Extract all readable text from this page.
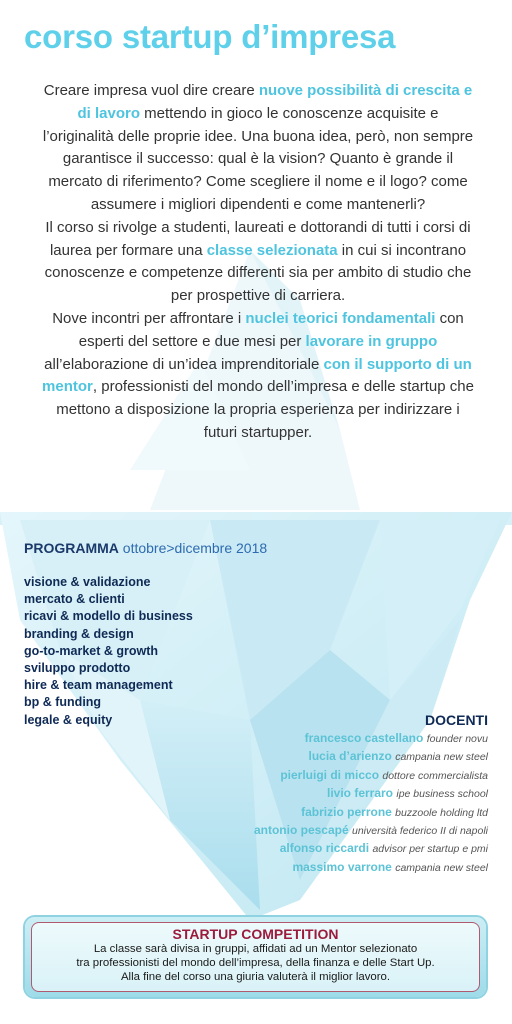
corso startup d’impresa
Creare impresa vuol dire creare nuove possibilità di crescita e di lavoro mettendo in gioco le conoscenze acquisite e l’originalità delle proprie idee. Una buona idea, però, non sempre garantisce il successo: qual è la vision? Quanto è grande il mercato di riferimento? Come scegliere il nome e il logo? come assumere i migliori dipendenti e come mantenerli?
Il corso si rivolge a studenti, laureati e dottorandi di tutti i corsi di laurea per formare una classe selezionata in cui si incontrano conoscenze e competenze differenti sia per ambito di studio che per prospettive di carriera.
Nove incontri per affrontare i nuclei teorici fondamentali con esperti del settore e due mesi per lavorare in gruppo all’elaborazione di un’idea imprenditoriale con il supporto di un mentor, professionisti del mondo dell’impresa e delle startup che mettono a disposizione la propria esperienza per indirizzare i futuri startupper.
PROGRAMMA ottobre>dicembre 2018
visione & validazione
mercato & clienti
ricavi & modello di business
branding & design
go-to-market & growth
sviluppo prodotto
hire & team management
bp & funding
legale & equity	DOCENTI
francesco castellano founder novu
lucia d’arienzo campania new steel
pierluigi di micco dottore commercialista
livio ferraro ipe business school
fabrizio perrone buzzoole holding ltd
antonio pescapé università federico II di napoli
alfonso riccardi advisor per startup e pmi
massimo varrone campania new steel
STARTUP COMPETITION
La classe sarà divisa in gruppi, affidati ad un Mentor selezionato
tra professionisti del mondo dell’impresa, della finanza e delle Start Up.
Alla fine del corso una giuria valuterà il miglior lavoro.
